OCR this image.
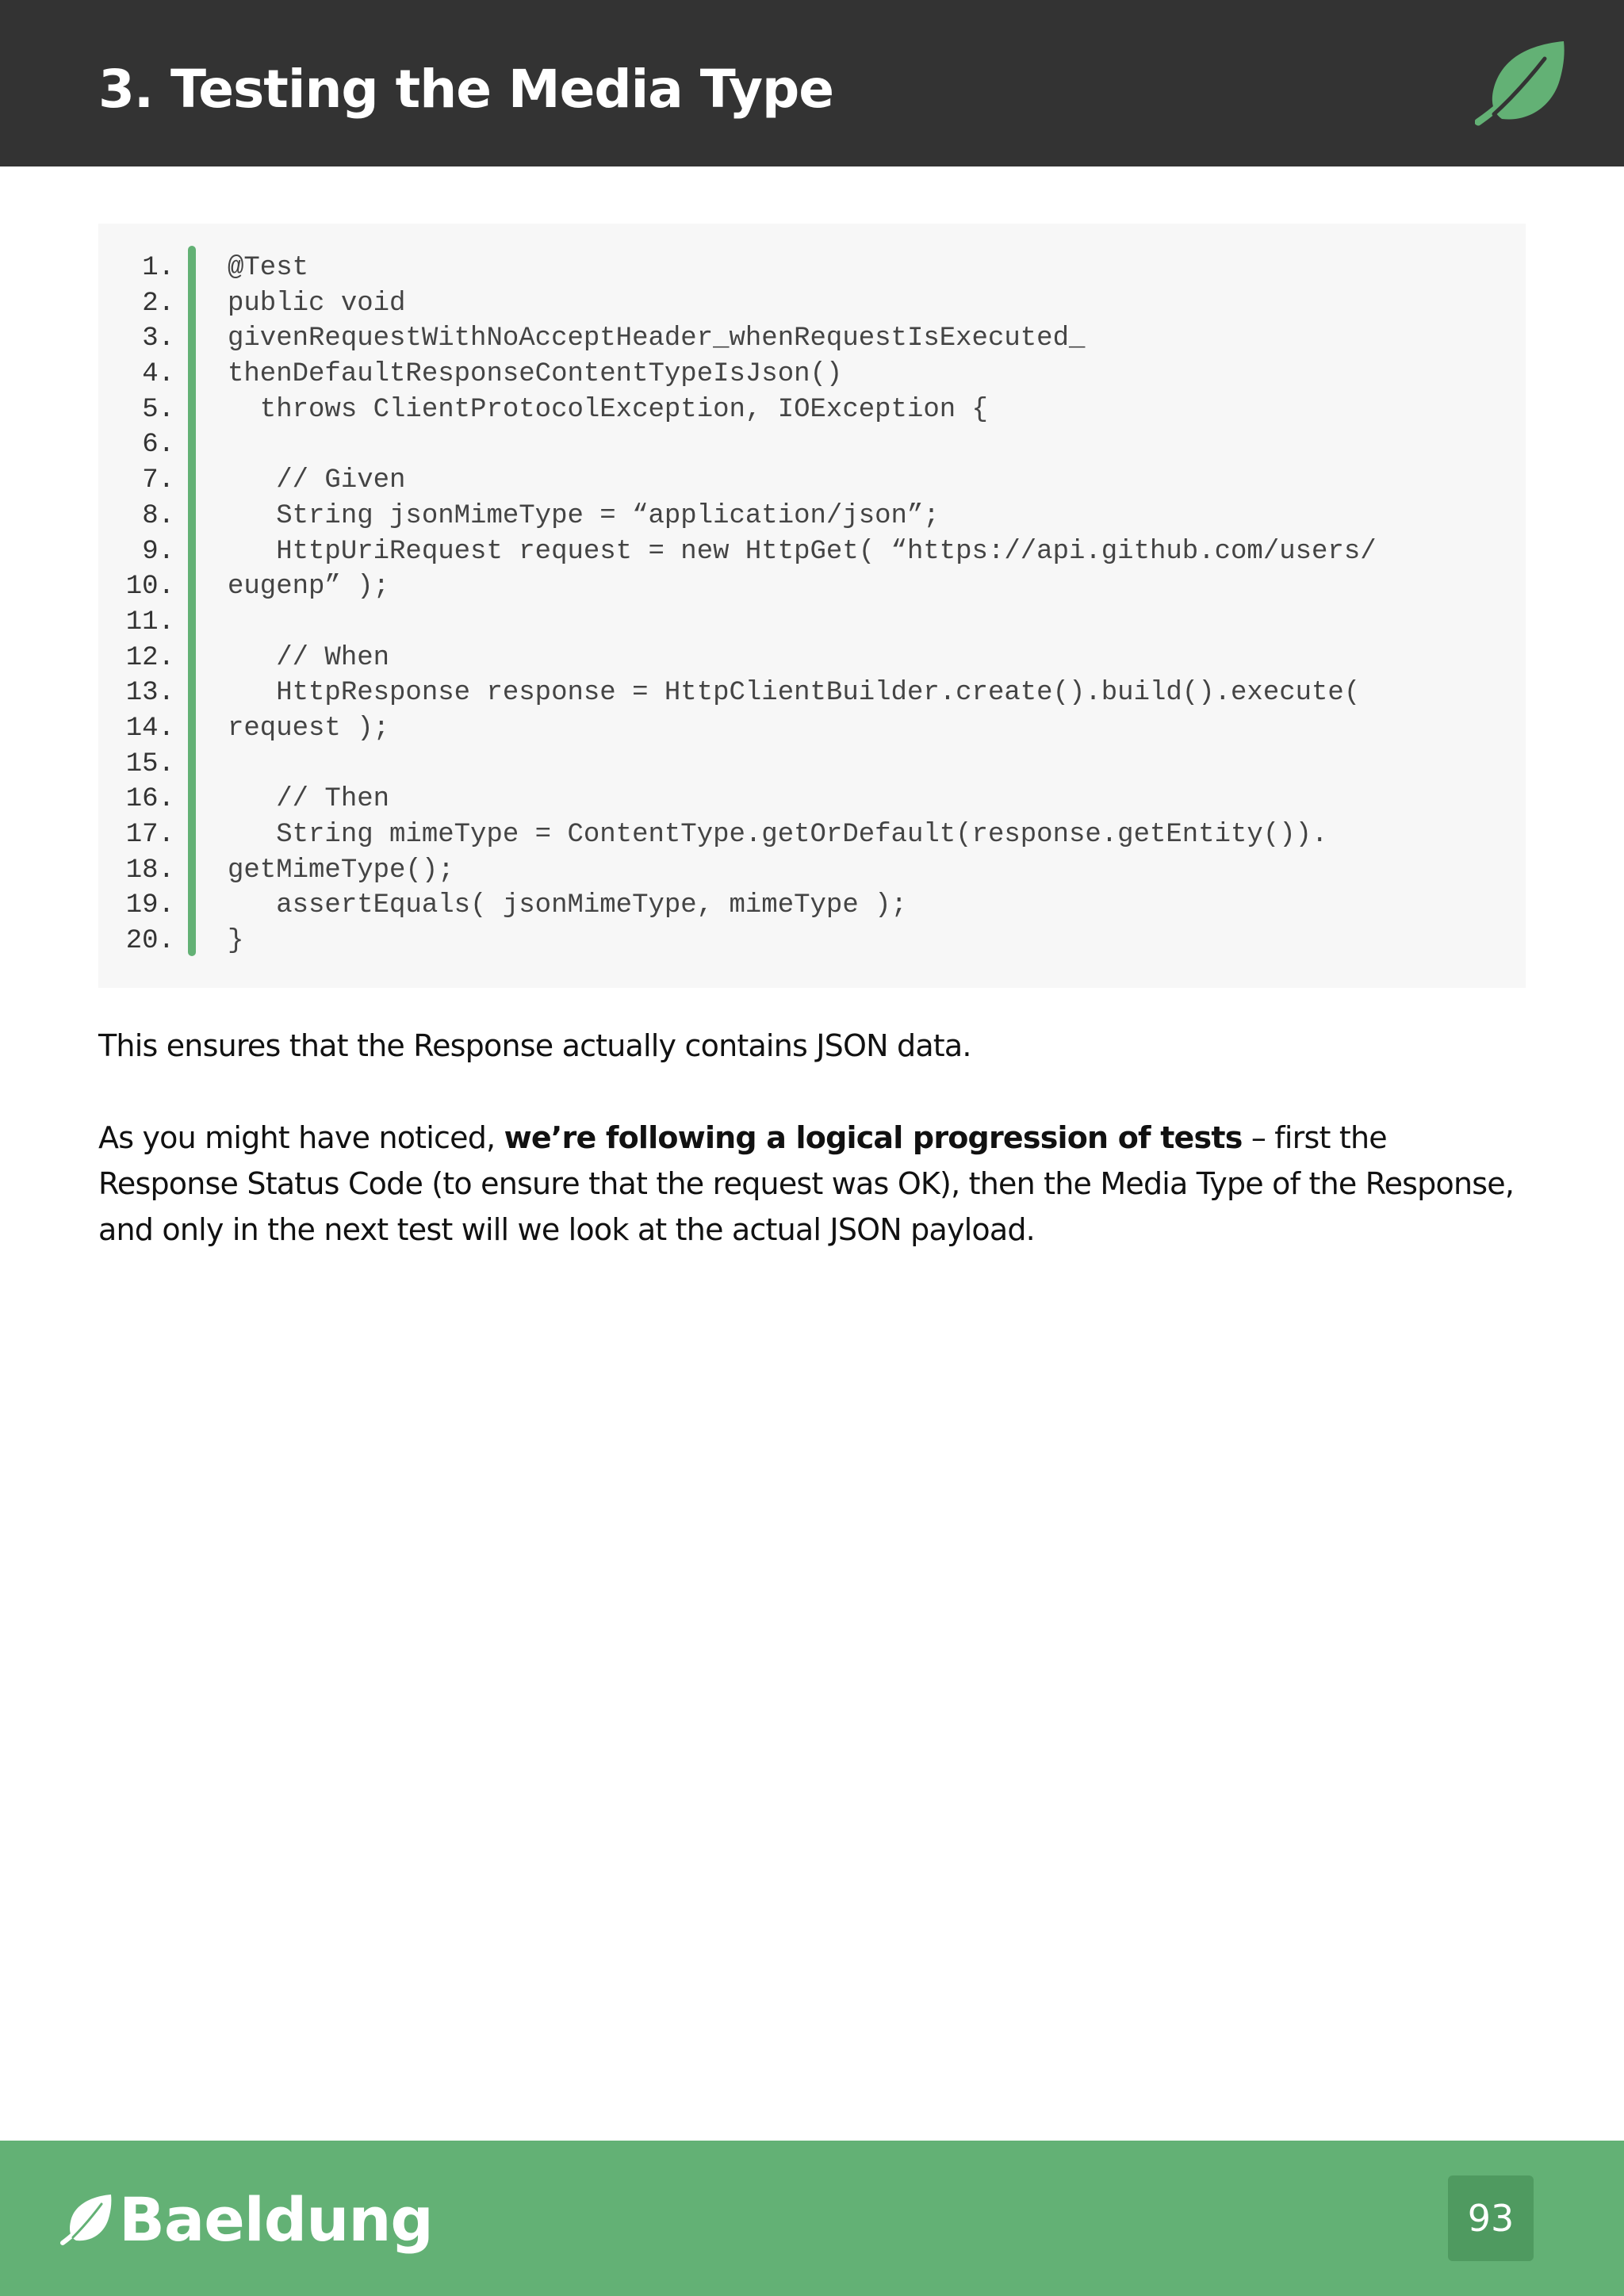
3. Testing the Media Type
1.
2.
3.
4.
5.
6.
7.
8.
9.
10.
11.
12.
13.
14.
15.
16.
17.
18.
19.
20.
@Test
public void
givenRequestWithNoAcceptHeader_whenRequestIsExecuted_
thenDefaultResponseContentTypeIsJson()
throws ClientProtocolException, IOException {
// Given
String jsonMimeType = “application/json”;
HttpUriRequest request = new HttpGet( “https://api.github.com/users/
eugenp” );
// When
HttpResponse response = HttpClientBuilder.create().build().execute(
request );
// Then
String mimeType = ContentType.getOrDefault(response.getEntity()).
getMimeType();
assertEquals( jsonMimeType, mimeType );
}

This ensures that the Response actually contains JSON data.

As you might have noticed, we’re following a logical progression of tests – first the Response Status Code (to ensure that the request was OK), then the Media Type of the Response, and only in the next test will we look at the actual JSON payload.

Baeldung	93
